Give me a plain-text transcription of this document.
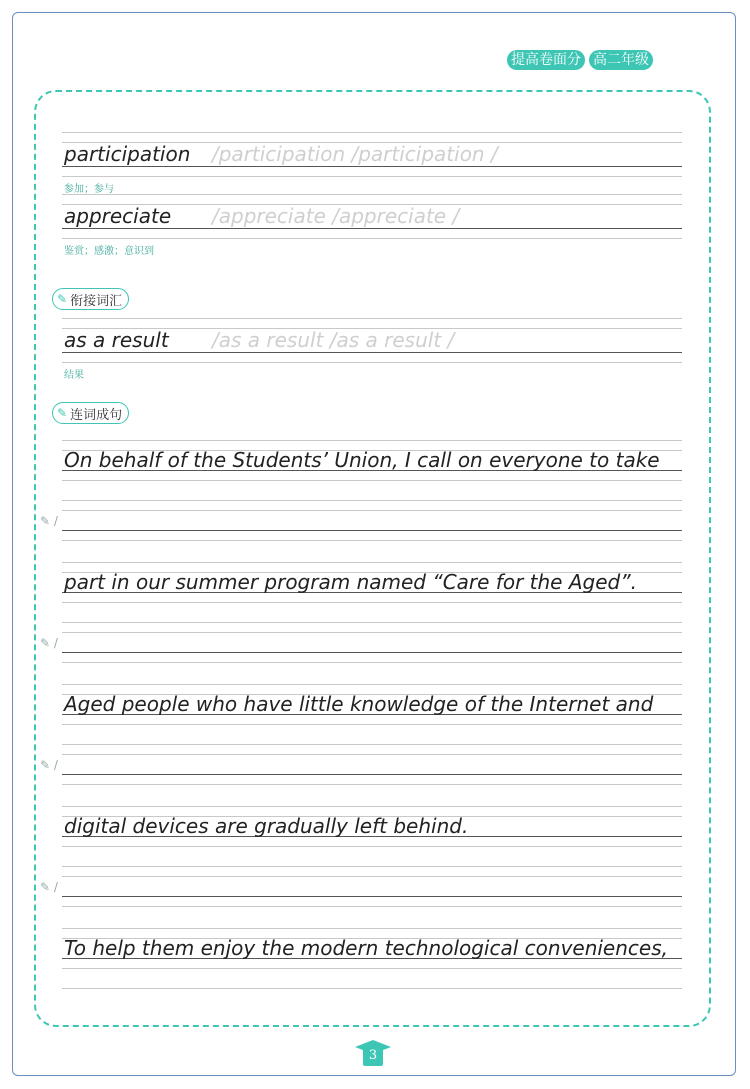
提高卷面分 高二年级
participation /participation /participation /
参加；参与
appreciate /appreciate /appreciate /
鉴赏；感激；意识到
✎ 衔接词汇
as a result /as a result /as a result /
结果
✎ 连词成句
On behalf of the Students’ Union, I call on everyone to take
✎ /
part in our summer program named “Care for the Aged”.
✎ /
Aged people who have little knowledge of the Internet and
✎ /
digital devices are gradually left behind.
✎ /
To help them enjoy the modern technological conveniences,
3
